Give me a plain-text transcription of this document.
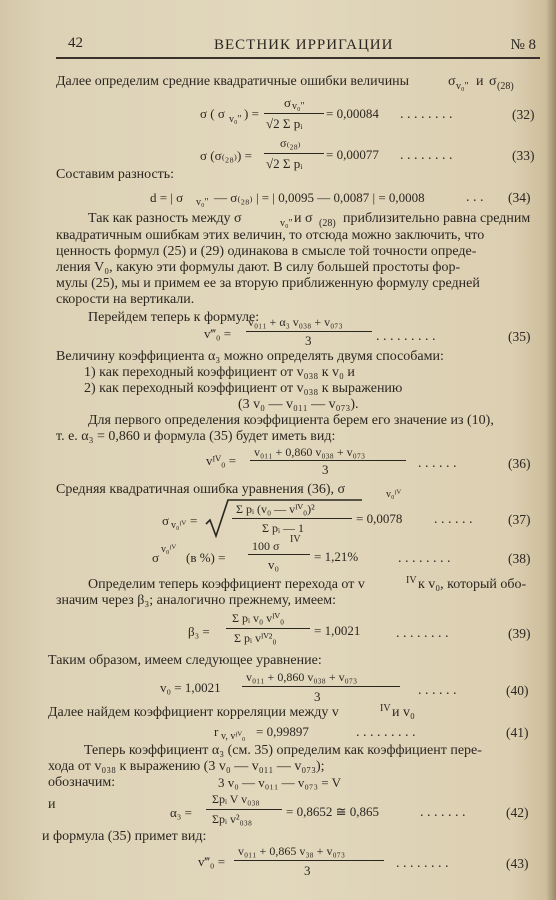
42	ВЕСТНИК ИРРИГАЦИИ	№ 8
Далее определим средние квадратичные ошибки величины	σ v₀″ и σ (28)
σ ( σ v₀″ ) =
σ v₀″
√2 Σ pᵢ
= 0,00084 . . . . . . . .	(32)
σ (σ₍₂₈₎) =
σ₍₂₈₎
√2 Σ pᵢ
= 0,00077 . . . . . . . .	(33)
Составим разность:
d = | σ v₀″ — σ₍₂₈₎ | = | 0,0095 — 0,0087 | = 0,0008	. . . (34)
Так как разность между σ	v₀″ и σ (28) приблизительно равна средним
квадратичным ошибкам этих величин, то отсюда можно заключить, что
ценность формул (25) и (29) одинакова в смысле той точности опреде-
ления V₀, какую эти формулы дают. В силу большей простоты фор-
мулы (25), мы и примем ее за вторую приближенную формулу средней
скорости на вертикали.
Перейдем теперь к формуле:
v‴₀ =
v₀₁₁ + α₃ v₀₃₈ + v₀₇₃
3	. . . . . . . . .	(35)
Величину коэффициента α₃ можно определять двумя способами:
1) как переходный коэффициент от v₀₃₈ к v₀ и
2) как переходный коэффициент от v₀₃₈ к выражению
(3 v₀ — v₀₁₁ — v₀₇₃).
Для первого определения коэффициента берем его значение из (10),
т. е. α₃ = 0,860 и формула (35) будет иметь вид:
vᴵⱽ₀ =
v₀₁₁ + 0,860 v₀₃₈ + v₀₇₃
3	. . . . . .	(36)
Средняя квадратичная ошибка уравнения (36), σ	v₀ᴵⱽ
σ v₀ᴵⱽ =
Σ pᵢ (v₀ — vᴵⱽ₀)²
Σ pᵢ — 1
= 0,0078 . . . . . .	(37)
σ
v₀ᴵⱽ
(в %) =
100 σ IV
v₀
= 1,21%	. . . . . . . .	(38)
Определим теперь коэффициент перехода от v	IV к v₀, который обо-
значим через β₃; аналогично прежнему, имеем:
β₃ =
Σ pᵢ v₀ vᴵⱽ₀
Σ pᵢ vᴵⱽ²₀	= 1,0021	. . . . . . . .	(39)
Таким образом, имеем следующее уравнение:
v₀ = 1,0021
v₀₁₁ + 0,860 v₀₃₈ + v₀₇₃
3	. . . . . .	(40)
Далее найдем коэффициент корреляции между v	IV и v₀
r v, vᴵⱽ₀ = 0,99897	. . . . . . . . .	(41)
Теперь коэффициент α₃ (см. 35) определим как коэффициент пере-
хода от v₀₃₈ к выражению (3 v₀ — v₀₁₁ — v₀₇₃);
обозначим:	3 v₀ — v₀₁₁ — v₀₇₃ = V
и
α₃ =
Σpᵢ V v₀₃₈
Σpᵢ v²₀₃₈	= 0,8652 ≅ 0,865	. . . . . . .	(42)
и формула (35) примет вид:
v‴₀ =
v₀₁₁ + 0,865 v₃₈ + v₀₇₃
3	. . . . . . . .	(43)
